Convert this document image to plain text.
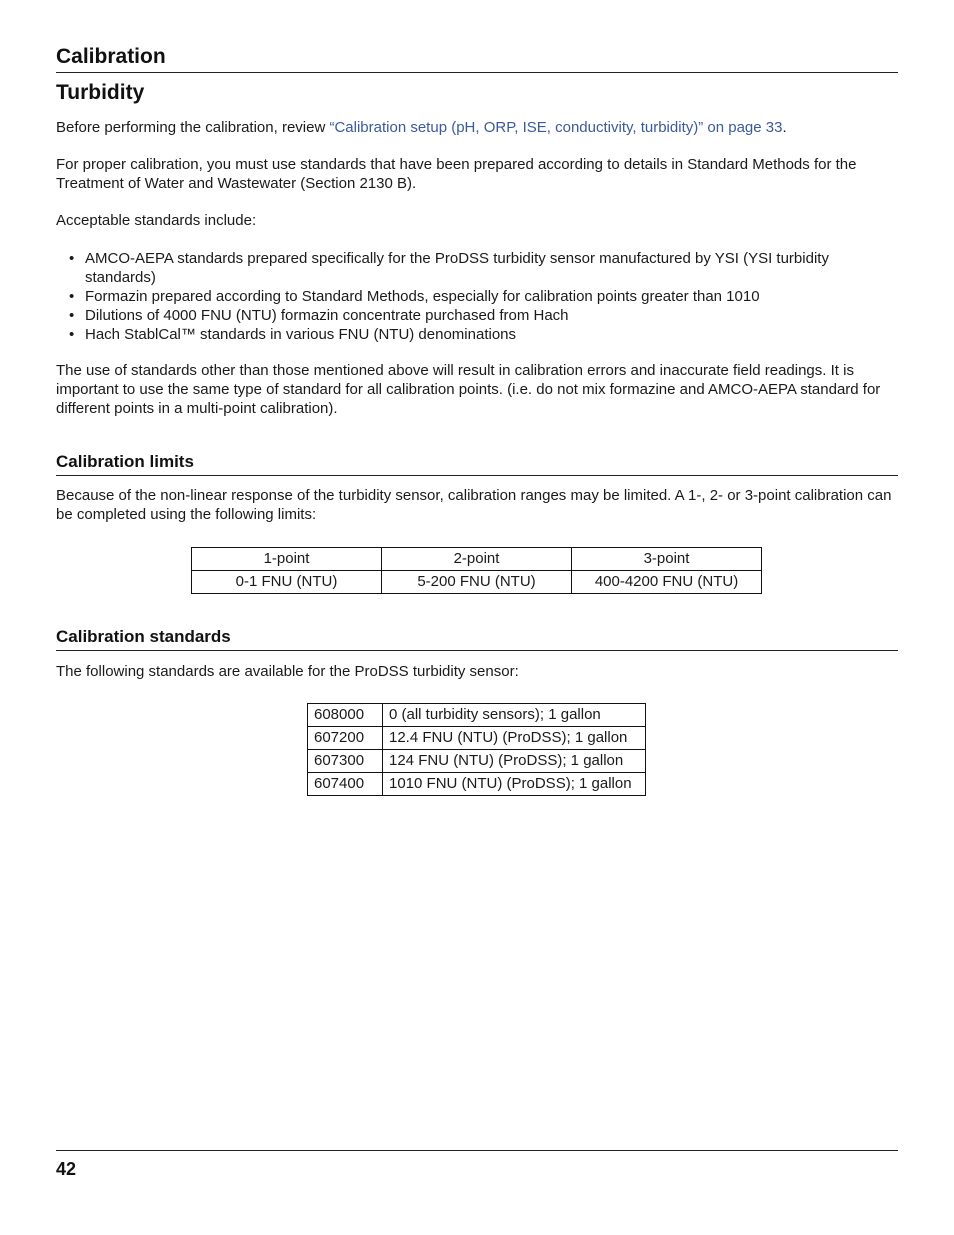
Calibration
Turbidity

Before performing the calibration, review “Calibration setup (pH, ORP, ISE, conductivity, turbidity)” on page 33.

For proper calibration, you must use standards that have been prepared according to details in Standard Methods for the Treatment of Water and Wastewater (Section 2130 B).

Acceptable standards include:

• AMCO-AEPA standards prepared specifically for the ProDSS turbidity sensor manufactured by YSI (YSI turbidity standards)
• Formazin prepared according to Standard Methods, especially for calibration points greater than 1010
• Dilutions of 4000 FNU (NTU) formazin concentrate purchased from Hach
• Hach StablCal™ standards in various FNU (NTU) denominations

The use of standards other than those mentioned above will result in calibration errors and inaccurate field readings. It is important to use the same type of standard for all calibration points. (i.e. do not mix formazine and AMCO-AEPA standard for different points in a multi-point calibration).

Calibration limits

Because of the non-linear response of the turbidity sensor, calibration ranges may be limited. A 1-, 2- or 3-point calibration can be completed using the following limits:

1-point	2-point	3-point
0-1 FNU (NTU)	5-200 FNU (NTU)	400-4200 FNU (NTU)
Calibration standards

The following standards are available for the ProDSS turbidity sensor:

608000	0 (all turbidity sensors); 1 gallon
607200	12.4 FNU (NTU) (ProDSS); 1 gallon
607300	124 FNU (NTU) (ProDSS); 1 gallon
607400	1010 FNU (NTU) (ProDSS); 1 gallon

42
